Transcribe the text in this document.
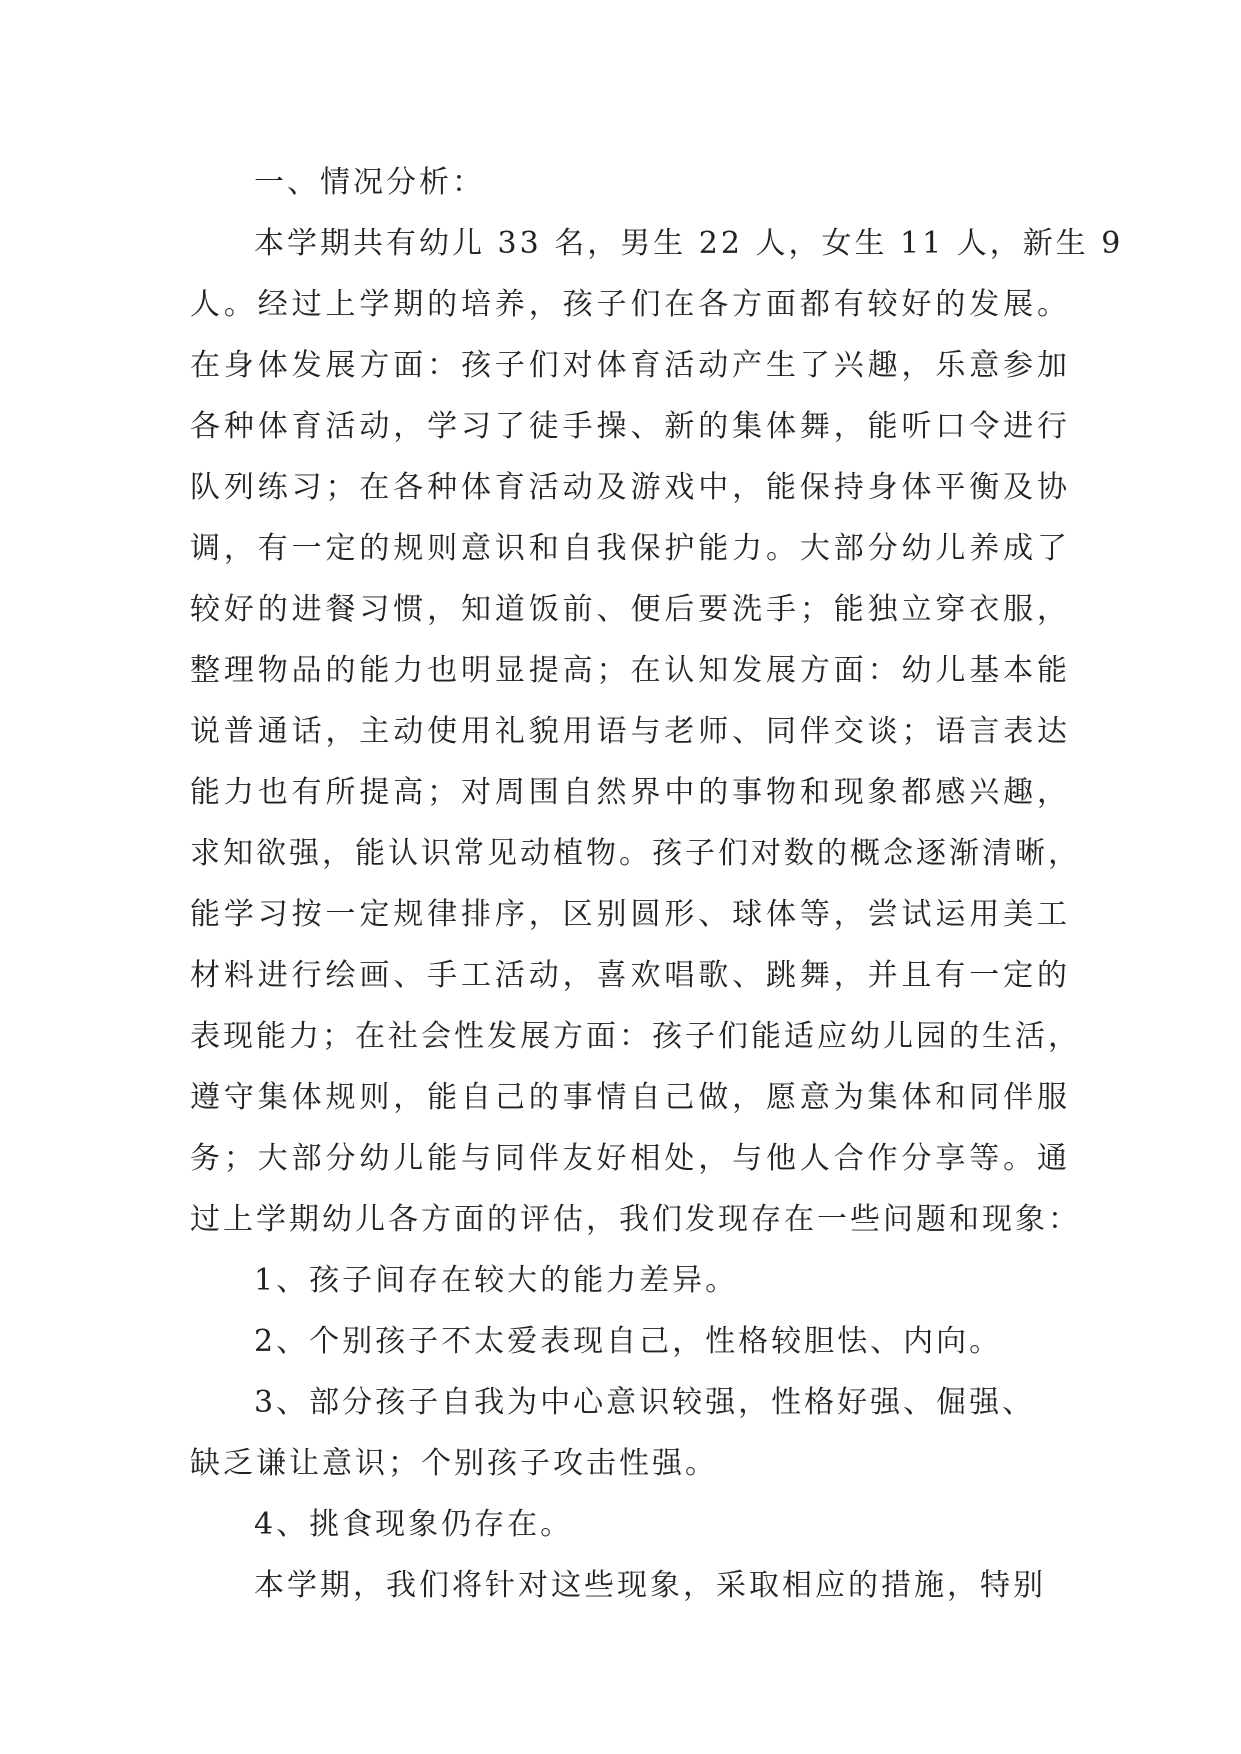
一、情况分析：

本学期共有幼儿 33 名，男生 22 人，女生 11 人，新生 9
人。经过上学期的培养，孩子们在各方面都有较好的发展。
在身体发展方面：孩子们对体育活动产生了兴趣，乐意参加
各种体育活动，学习了徒手操、新的集体舞，能听口令进行
队列练习；在各种体育活动及游戏中，能保持身体平衡及协
调，有一定的规则意识和自我保护能力。大部分幼儿养成了
较好的进餐习惯，知道饭前、便后要洗手；能独立穿衣服，
整理物品的能力也明显提高；在认知发展方面：幼儿基本能
说普通话，主动使用礼貌用语与老师、同伴交谈；语言表达
能力也有所提高；对周围自然界中的事物和现象都感兴趣，
求知欲强，能认识常见动植物。孩子们对数的概念逐渐清晰，
能学习按一定规律排序，区别圆形、球体等，尝试运用美工
材料进行绘画、手工活动，喜欢唱歌、跳舞，并且有一定的
表现能力；在社会性发展方面：孩子们能适应幼儿园的生活，
遵守集体规则，能自己的事情自己做，愿意为集体和同伴服
务；大部分幼儿能与同伴友好相处，与他人合作分享等。通
过上学期幼儿各方面的评估，我们发现存在一些问题和现象：

1、孩子间存在较大的能力差异。

2、个别孩子不太爱表现自己，性格较胆怯、内向。

3、部分孩子自我为中心意识较强，性格好强、倔强、
缺乏谦让意识；个别孩子攻击性强。

4、挑食现象仍存在。

本学期，我们将针对这些现象，采取相应的措施，特别
